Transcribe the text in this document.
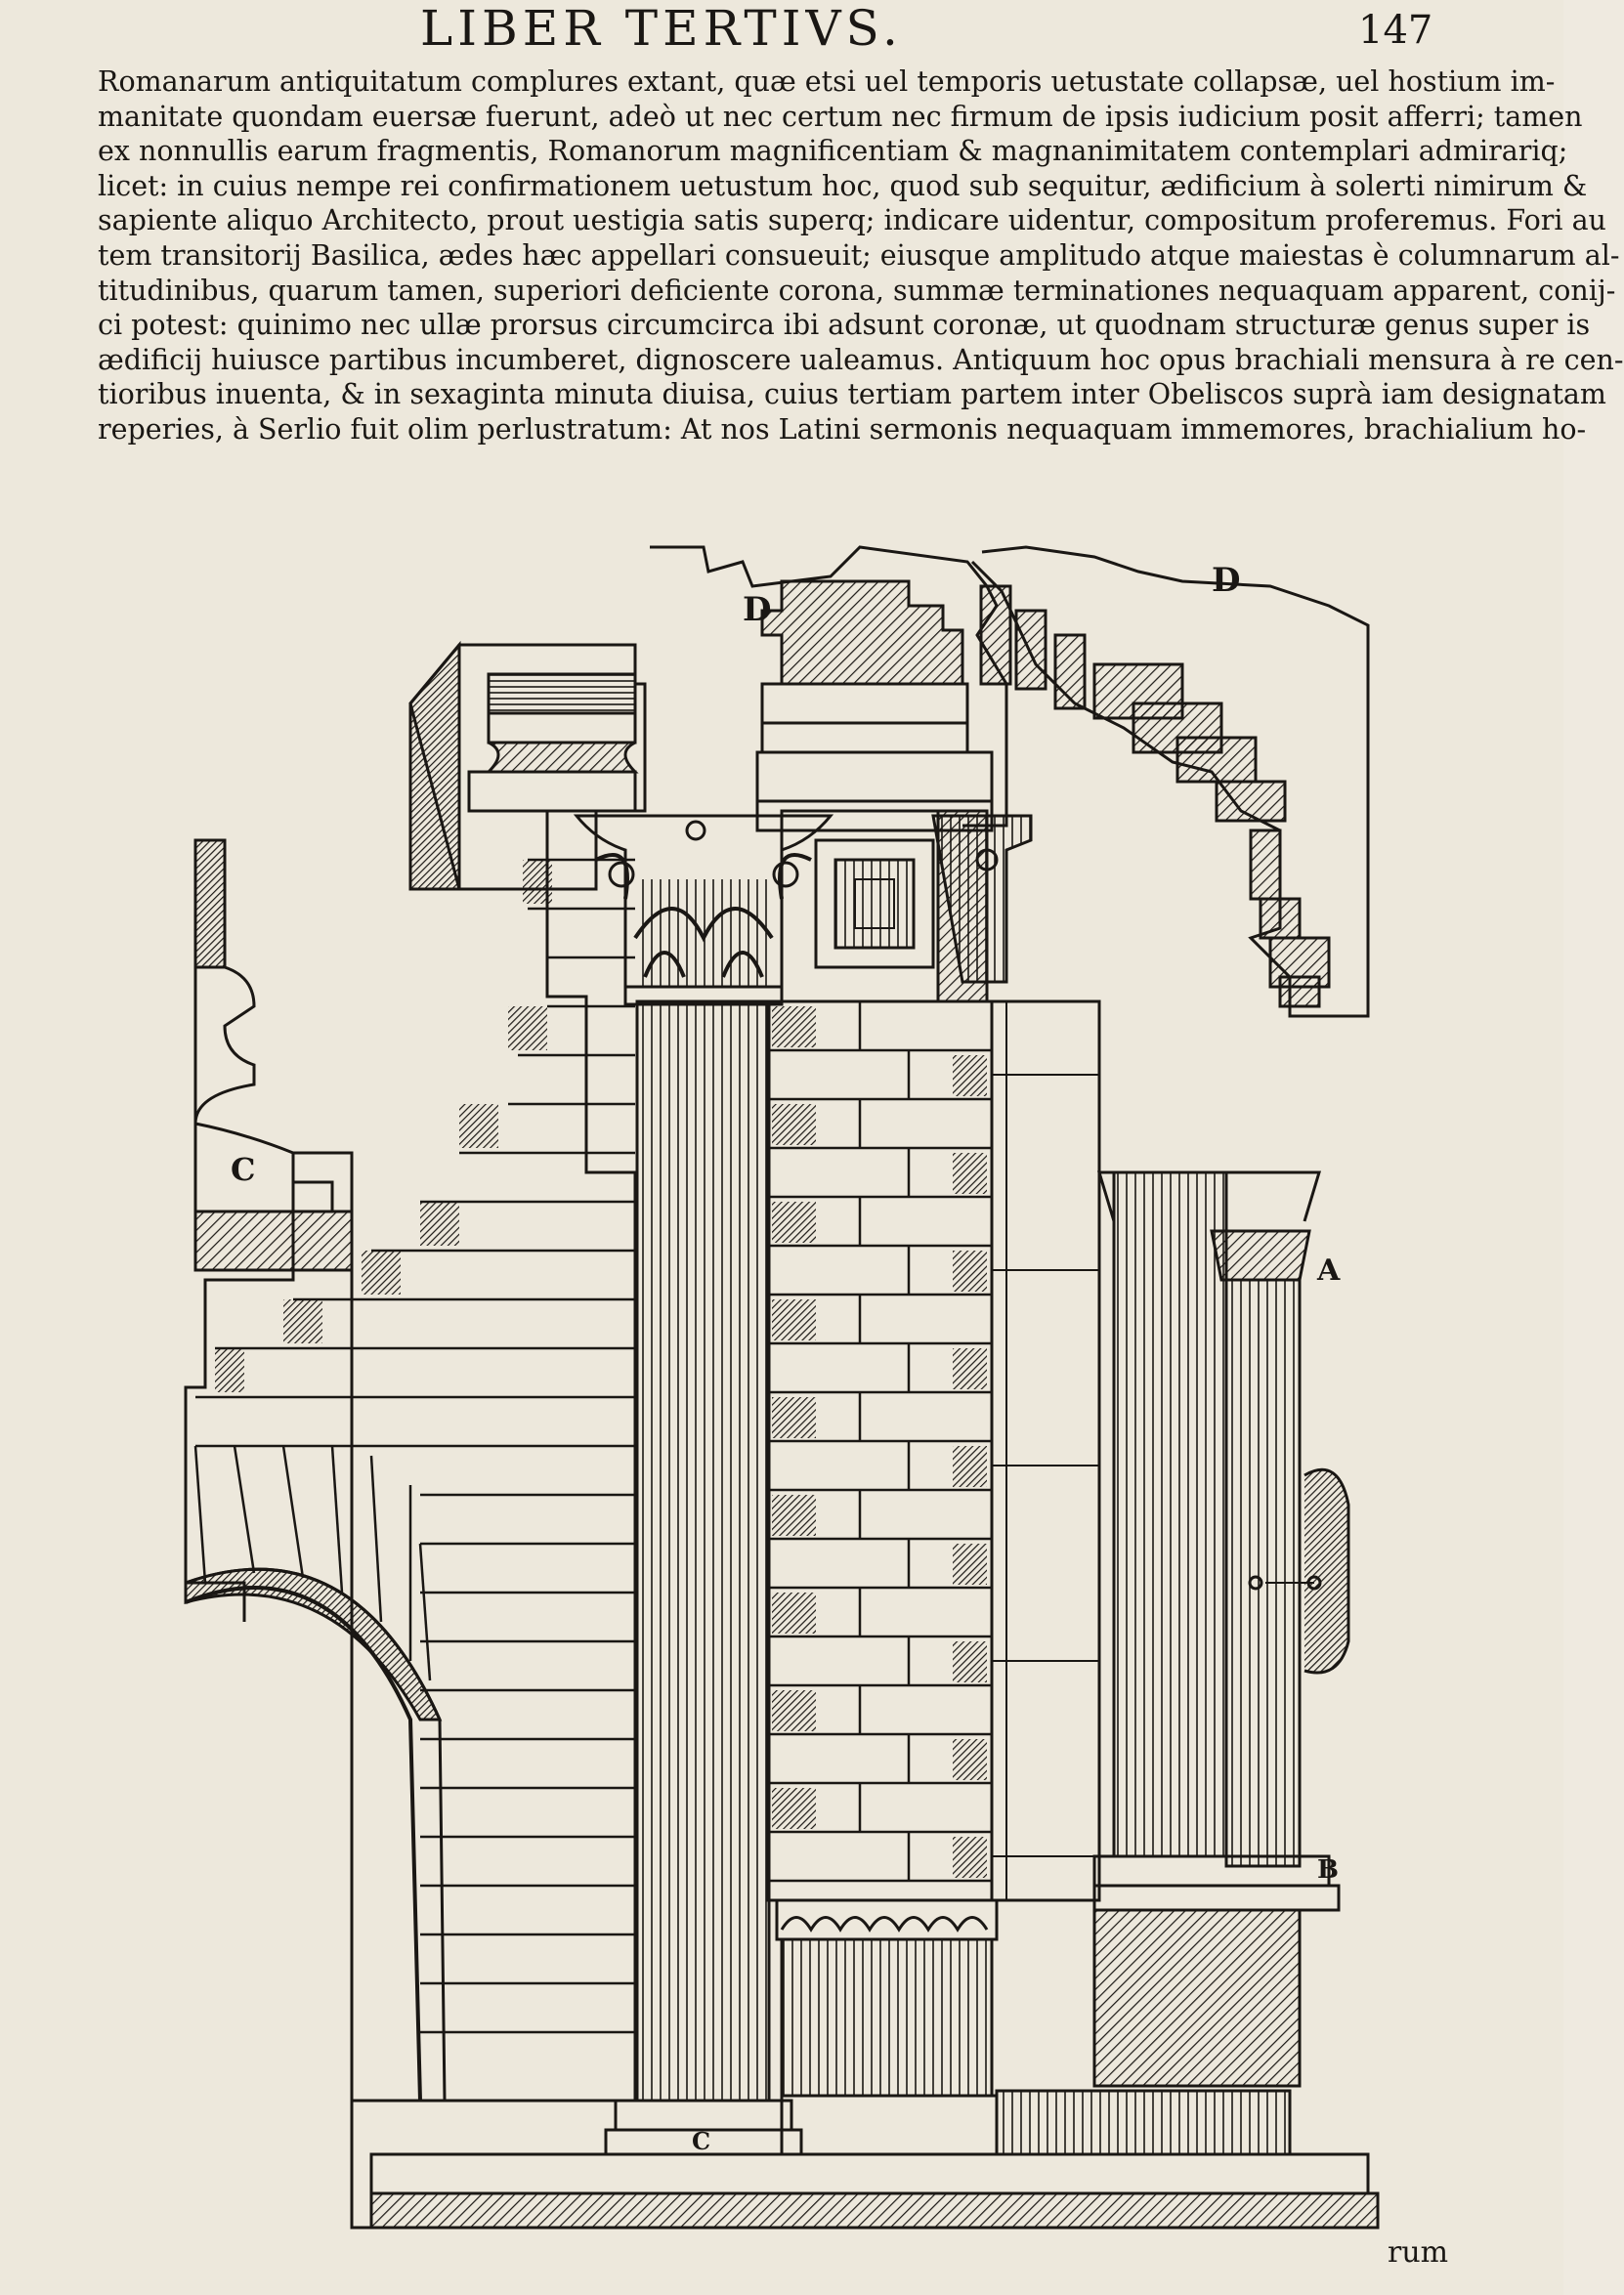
LIBER TERTIVS.	147
Romanarum antiquitatum complures extant, quæ etsi uel temporis uetustate collapsæ, uel hostium im-
manitate quondam euersæ fuerunt, adeò ut nec certum nec firmum de ipsis iudicium posit afferri; tamen
ex nonnullis earum fragmentis, Romanorum magnificentiam & magnanimitatem contemplari admirariq;
licet: in cuius nempe rei confirmationem uetustum hoc, quod sub sequitur, ædificium à solerti nimirum &
sapiente aliquo Architecto, prout uestigia satis superq; indicare uidentur, compositum proferemus. Fori au
tem transitorij Basilica, ædes hæc appellari consueuit; eiusque amplitudo atque maiestas è columnarum al-
titudinibus, quarum tamen, superiori deficiente corona, summæ terminationes nequaquam apparent, conij-
ci potest: quinimo nec ullæ prorsus circumcirca ibi adsunt coronæ, ut quodnam structuræ genus super is
ædificij huiusce partibus incumberet, dignoscere ualeamus. Antiquum hoc opus brachiali mensura à re cen-
tioribus inuenta, & in sexaginta minuta diuisa, cuius tertiam partem inter Obeliscos suprà iam designatam
reperies, à Serlio fuit olim perlustratum: At nos Latini sermonis nequaquam immemores, brachialium ho-
D
D
C
A
B
C
rum
